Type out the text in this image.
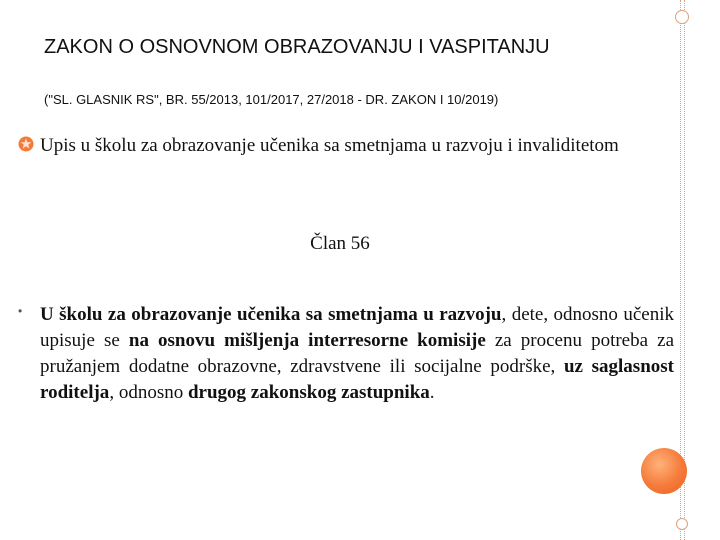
ZAKON O OSNOVNOM OBRAZOVANJU I VASPITANJU
("SL. GLASNIK RS", BR. 55/2013, 101/2017, 27/2018 - DR. ZAKON I 10/2019)
Upis u školu za obrazovanje učenika sa smetnjama u razvoju i invaliditetom
Član 56
• U školu za obrazovanje učenika sa smetnjama u razvoju, dete, odnosno učenik upisuje se na osnovu mišljenja interresorne komisije za procenu potreba za pružanjem dodatne obrazovne, zdravstvene ili socijalne podrške, uz saglasnost roditelja, odnosno drugog zakonskog zastupnika.
